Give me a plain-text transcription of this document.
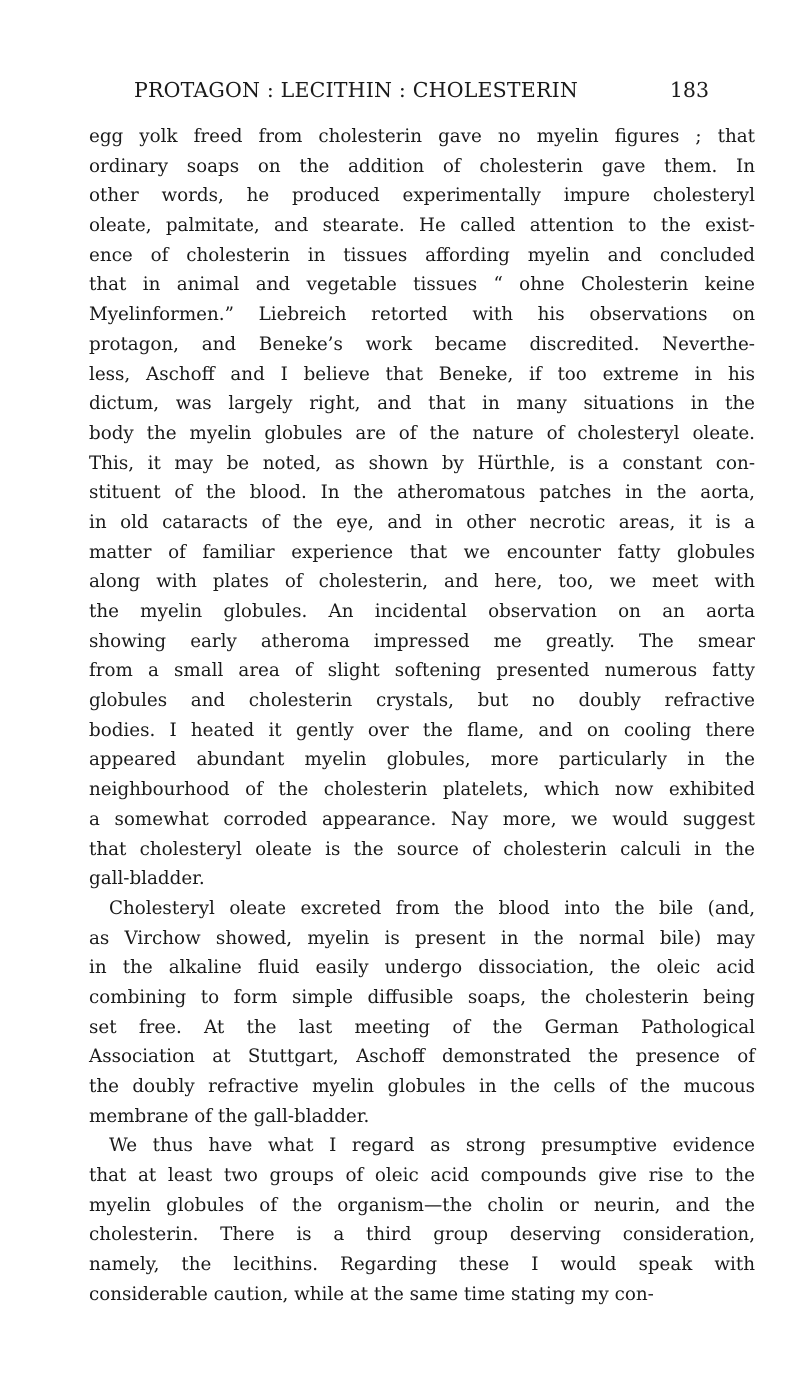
PROTAGON : LECITHIN : CHOLESTERIN	183
egg yolk freed from cholesterin gave no myelin figures ; that
ordinary soaps on the addition of cholesterin gave them. In
other words, he produced experimentally impure cholesteryl
oleate, palmitate, and stearate. He called attention to the exist-
ence of cholesterin in tissues affording myelin and concluded
that in animal and vegetable tissues “ ohne Cholesterin keine
Myelinformen.” Liebreich retorted with his observations on
protagon, and Beneke’s work became discredited. Neverthe-
less, Aschoff and I believe that Beneke, if too extreme in his
dictum, was largely right, and that in many situations in the
body the myelin globules are of the nature of cholesteryl oleate.
This, it may be noted, as shown by Hürthle, is a constant con-
stituent of the blood. In the atheromatous patches in the aorta,
in old cataracts of the eye, and in other necrotic areas, it is a
matter of familiar experience that we encounter fatty globules
along with plates of cholesterin, and here, too, we meet with
the myelin globules. An incidental observation on an aorta
showing early atheroma impressed me greatly. The smear
from a small area of slight softening presented numerous fatty
globules and cholesterin crystals, but no doubly refractive
bodies. I heated it gently over the flame, and on cooling there
appeared abundant myelin globules, more particularly in the
neighbourhood of the cholesterin platelets, which now exhibited
a somewhat corroded appearance. Nay more, we would suggest
that cholesteryl oleate is the source of cholesterin calculi in the
gall-bladder.
Cholesteryl oleate excreted from the blood into the bile (and,
as Virchow showed, myelin is present in the normal bile) may
in the alkaline fluid easily undergo dissociation, the oleic acid
combining to form simple diffusible soaps, the cholesterin being
set free. At the last meeting of the German Pathological
Association at Stuttgart, Aschoff demonstrated the presence of
the doubly refractive myelin globules in the cells of the mucous
membrane of the gall-bladder.
We thus have what I regard as strong presumptive evidence
that at least two groups of oleic acid compounds give rise to the
myelin globules of the organism—the cholin or neurin, and the
cholesterin. There is a third group deserving consideration,
namely, the lecithins. Regarding these I would speak with
considerable caution, while at the same time stating my con-
